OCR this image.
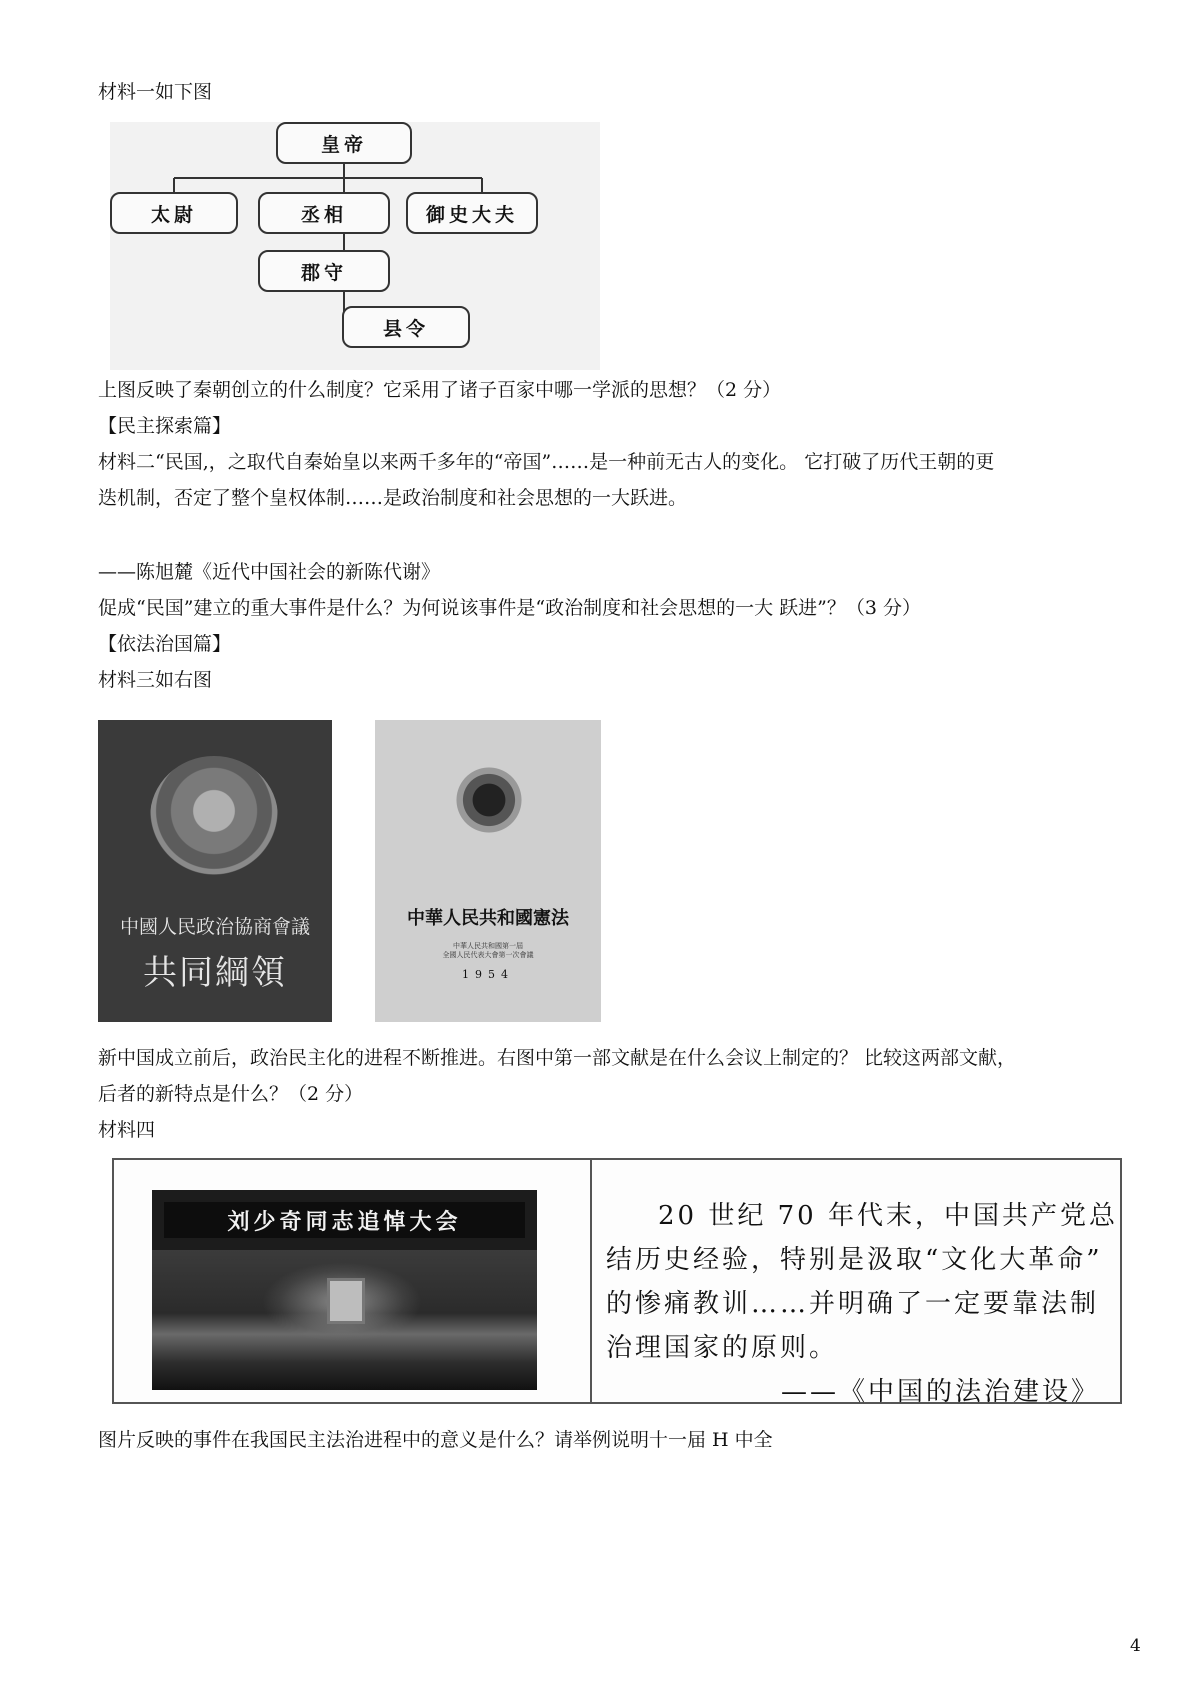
材料一如下图
皇帝
太尉	丞相	御史大夫
郡守
县令
上图反映了秦朝创立的什么制度？它采用了诸子百家中哪一学派的思想？（2 分）
【民主探索篇】
材料二“民国,，之取代自秦始皇以来两千多年的“帝国”……是一种前无古人的变化。 它打破了历代王朝的更
迭机制，否定了整个皇权体制……是政治制度和社会思想的一大跃进。
——陈旭麓《近代中国社会的新陈代谢》
促成“民国”建立的重大事件是什么？为何说该事件是“政治制度和社会思想的一大 跃进”？（3 分）
【依法治国篇】
材料三如右图
中國人民政治協商會議
共同綱領
中華人民共和國憲法
中華人民共和國第一屆
全國人民代表大會第一次會議
1954
新中国成立前后，政治民主化的进程不断推进。右图中第一部文献是在什么会议上制定的？ 比较这两部文献，
后者的新特点是什么？（2 分）
材料四
刘少奇同志追悼大会	20 世纪 70 年代末，中国共产党总
结历史经验，特别是汲取“文化大革命”
的惨痛教训……并明确了一定要靠法制
治理国家的原则。
——《中国的法治建设》
图片反映的事件在我国民主法治进程中的意义是什么？请举例说明十一届 H 中全
4
